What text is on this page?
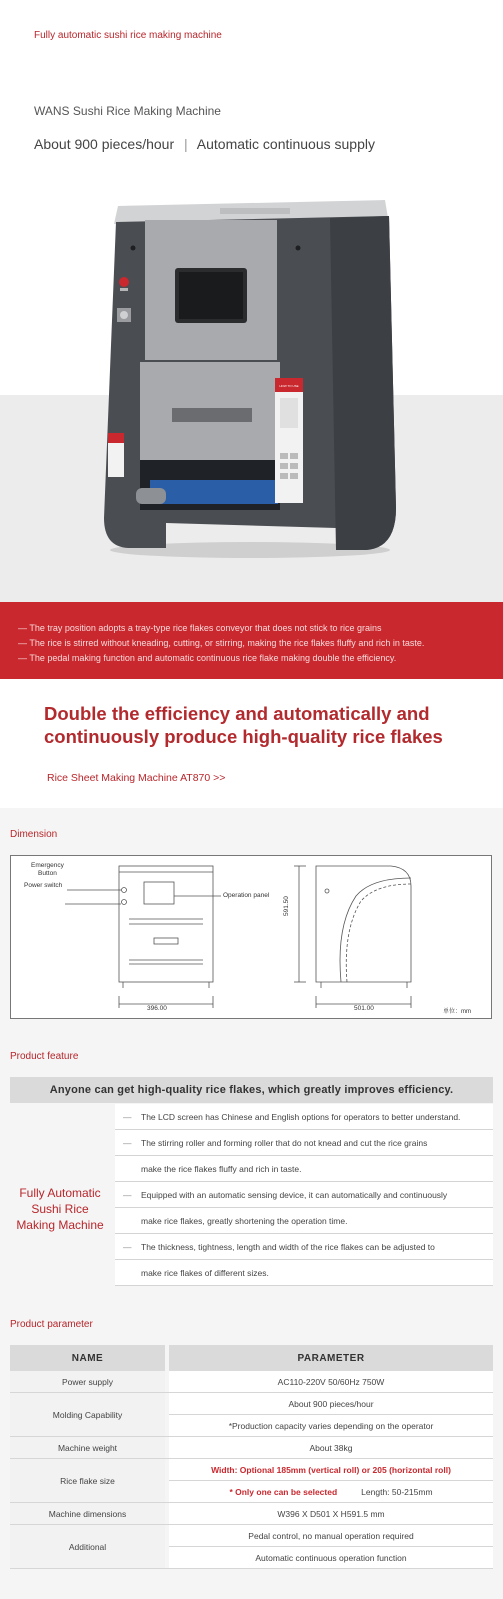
Fully automatic sushi rice making machine
WANS Sushi Rice Making Machine
About 900 pieces/hour | Automatic continuous supply
HOW TO USE

— The tray position adopts a tray-type rice flakes conveyor that does not stick to rice grains

— The rice is stirred without kneading, cutting, or stirring, making the rice flakes fluffy and rich in taste.

— The pedal making function and automatic continuous rice flake making double the efficiency.

Double the efficiency and automatically and continuously produce high-quality rice flakes
Rice Sheet Making Machine AT870 >>
Dimension
Emergency
Button
Power switch
Operation panel
396.00
591.50
501.00	单位：mm
Product feature
Anyone can get high-quality rice flakes, which greatly improves efficiency.
Fully Automatic
Sushi Rice
Making Machine
— The LCD screen has Chinese and English options for operators to better understand.
— The stirring roller and forming roller that do not knead and cut the rice grains
make the rice flakes fluffy and rich in taste.
— Equipped with an automatic sensing device, it can automatically and continuously
make rice flakes, greatly shortening the operation time.
— The thickness, tightness, length and width of the rice flakes can be adjusted to
make rice flakes of different sizes.
Product parameter
NAME		PARAMETER
Power supply		AC110-220V 50/60Hz 750W
Molding Capability		About 900 pieces/hour
		*Production capacity varies depending on the operator
Machine weight		About 38kg
Rice flake size		Width: Optional 185mm (vertical roll) or 205 (horizontal roll)
		* Only one can be selected Length: 50-215mm
Machine dimensions		W396 X D501 X H591.5 mm
Additional		Pedal control, no manual operation required
		Automatic continuous operation function
